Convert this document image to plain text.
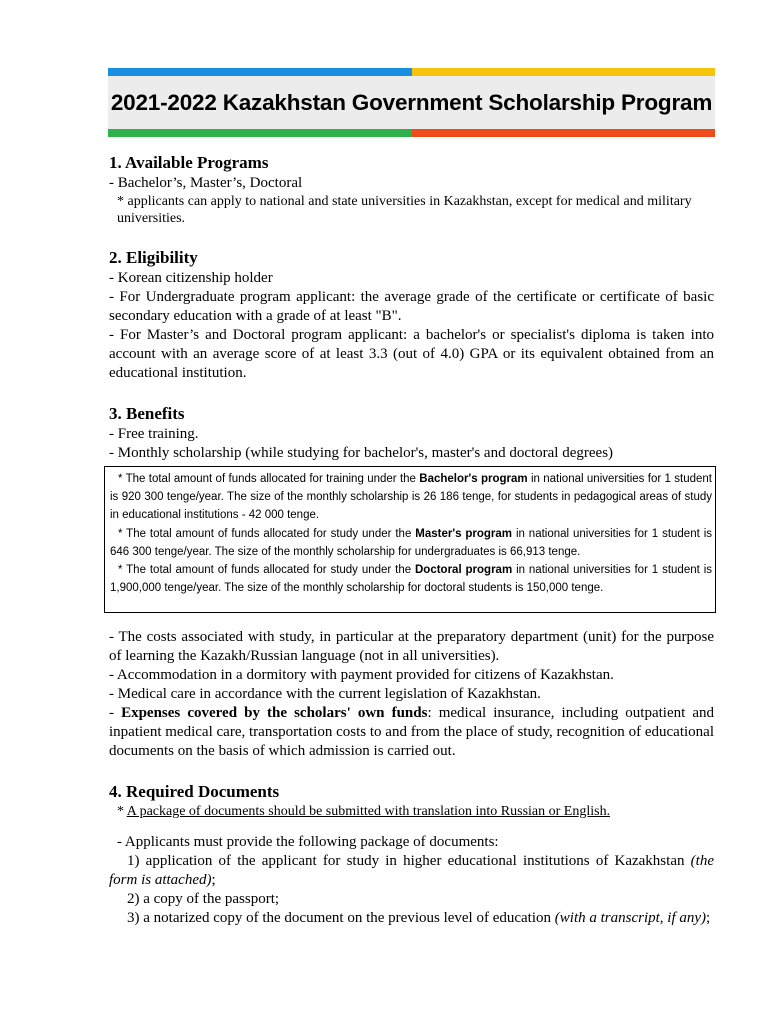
2021-2022 Kazakhstan Government Scholarship Program
1. Available Programs

- Bachelor’s, Master’s, Doctoral

* applicants can apply to national and state universities in Kazakhstan, except for medical and military universities.

2. Eligibility

- Korean citizenship holder

- For Undergraduate program applicant: the average grade of the certificate or certificate of basic secondary education with a grade of at least "B".

- For Master’s and Doctoral program applicant: a bachelor's or specialist's diploma is taken into account with an average score of at least 3.3 (out of 4.0) GPA or its equivalent obtained from an educational institution.

3. Benefits

- Free training.

- Monthly scholarship (while studying for bachelor's, master's and doctoral degrees)

* The total amount of funds allocated for training under the Bachelor's program in national universities for 1 student is 920 300 tenge/year. The size of the monthly scholarship is 26 186 tenge, for students in pedagogical areas of study in educational institutions - 42 000 tenge.

* The total amount of funds allocated for study under the Master's program in national universities for 1 student is 646 300 tenge/year. The size of the monthly scholarship for undergraduates is 66,913 tenge.

* The total amount of funds allocated for study under the Doctoral program in national universities for 1 student is 1,900,000 tenge/year. The size of the monthly scholarship for doctoral students is 150,000 tenge.

- The costs associated with study, in particular at the preparatory department (unit) for the purpose of learning the Kazakh/Russian language (not in all universities).

- Accommodation in a dormitory with payment provided for citizens of Kazakhstan.

- Medical care in accordance with the current legislation of Kazakhstan.

- Expenses covered by the scholars' own funds: medical insurance, including outpatient and inpatient medical care, transportation costs to and from the place of study, recognition of educational documents on the basis of which admission is carried out.

4. Required Documents

* A package of documents should be submitted with translation into Russian or English.

- Applicants must provide the following package of documents:

1) application of the applicant for study in higher educational institutions of Kazakhstan (the form is attached);

2) a copy of the passport;

3) a notarized copy of the document on the previous level of education (with a transcript, if any);
